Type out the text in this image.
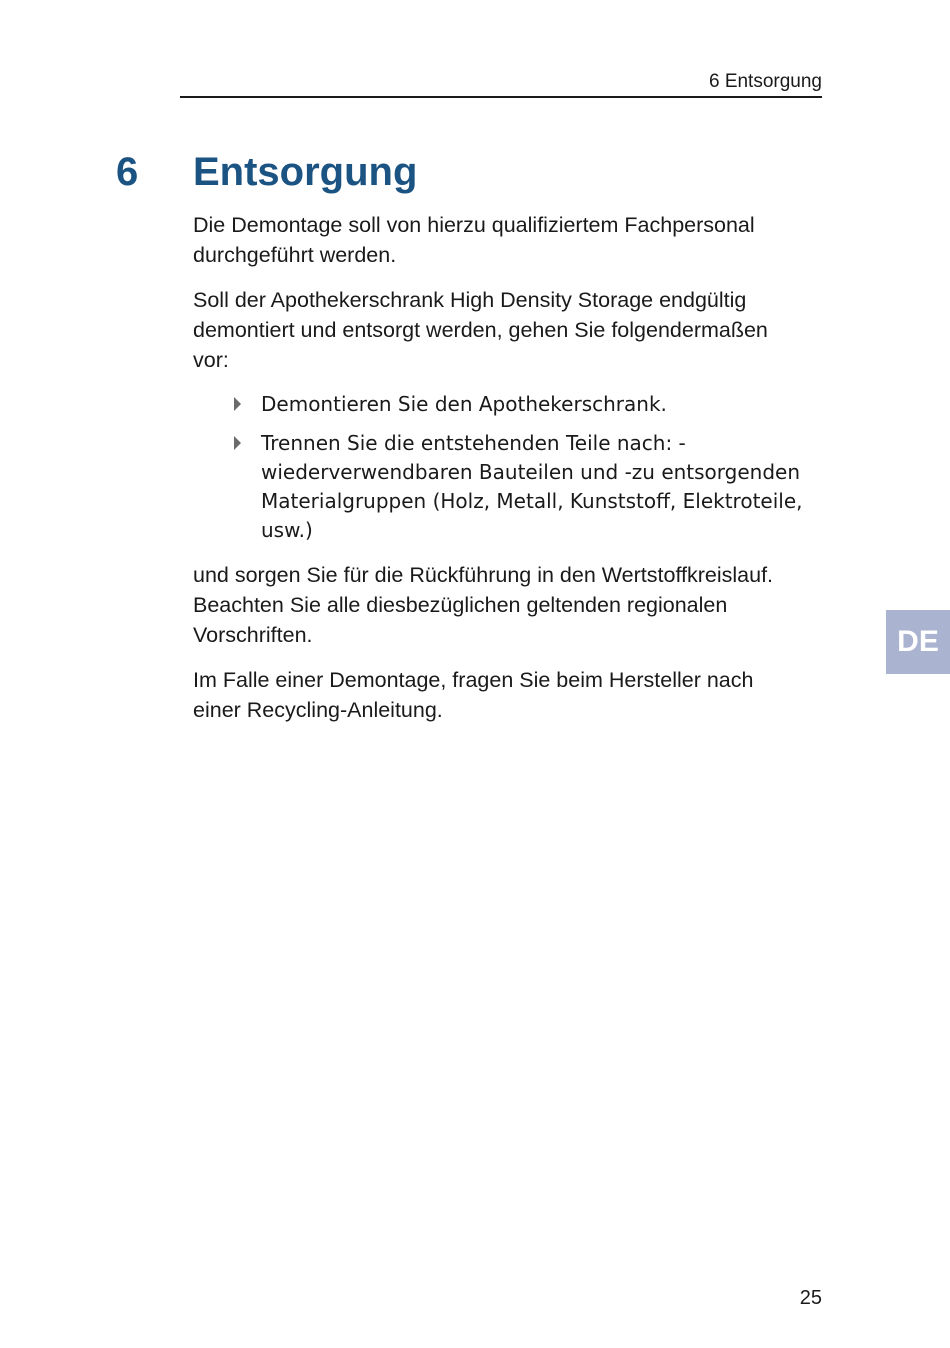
6 Entsorgung
6 Entsorgung

Die Demontage soll von hierzu qualifiziertem Fachpersonal durchgeführt werden.

Soll der Apothekerschrank High Density Storage endgültig demontiert und entsorgt werden, gehen Sie folgendermaßen vor:

Demontieren Sie den Apothekerschrank.
Trennen Sie die entstehenden Teile nach: -wiederverwendbaren Bauteilen und -zu entsorgenden Materialgruppen (Holz, Metall, Kunststoff, Elektroteile, usw.)

und sorgen Sie für die Rückführung in den Wertstoffkreislauf. Beachten Sie alle diesbezüglichen geltenden regionalen Vorschriften.

Im Falle einer Demontage, fragen Sie beim Hersteller nach einer Recycling-Anleitung.

DE
25
